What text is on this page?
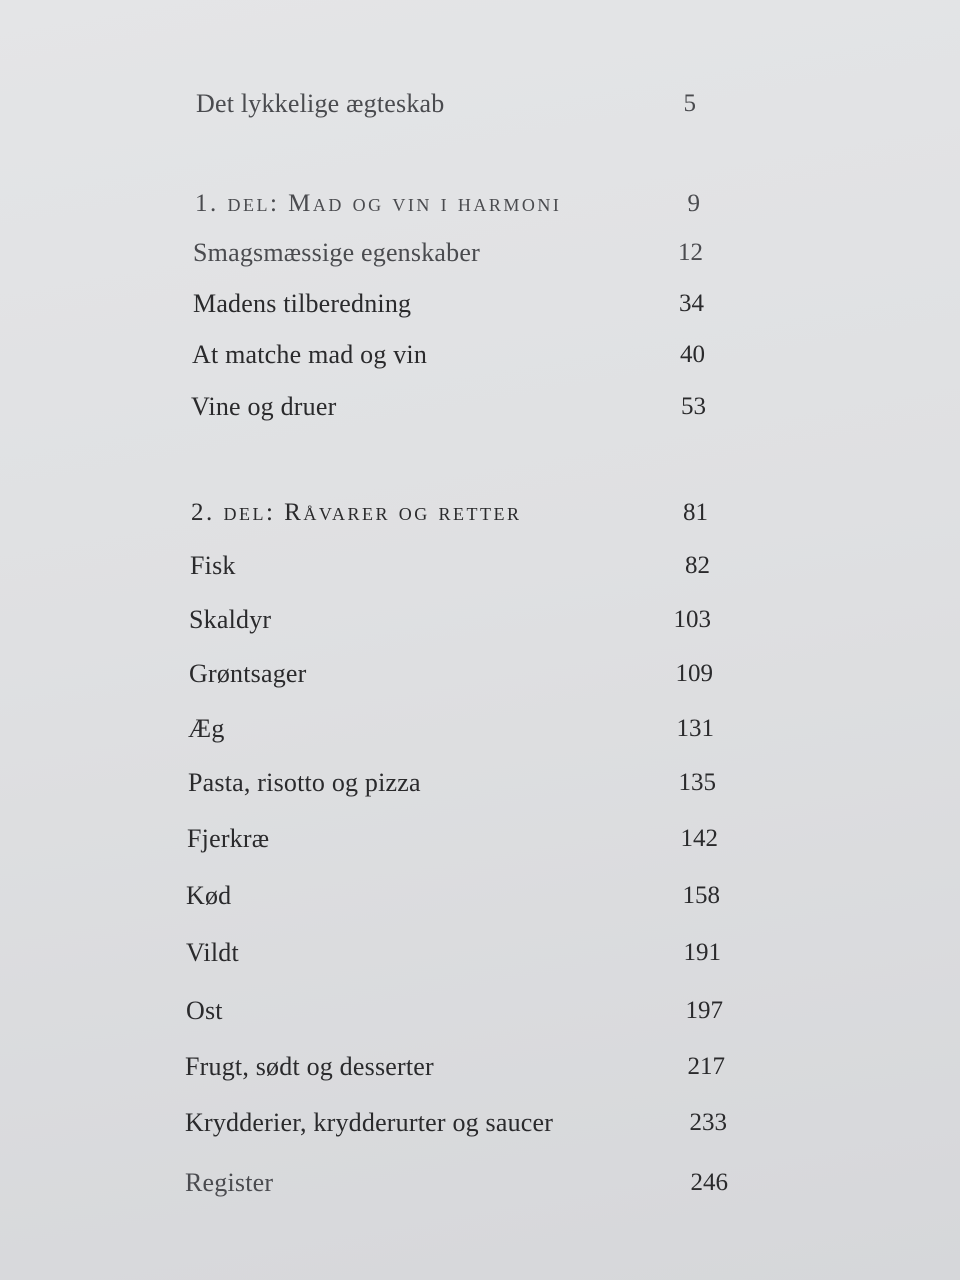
Det lykkelige ægteskab	5
1. del: Mad og vin i harmoni	9
Smagsmæssige egenskaber	12
Madens tilberedning	34
At matche mad og vin	40
Vine og druer	53
2. del: Råvarer og retter	81
Fisk	82
Skaldyr	103
Grøntsager	109
Æg	131
Pasta, risotto og pizza	135
Fjerkræ	142
Kød	158
Vildt	191
Ost	197
Frugt, sødt og desserter	217
Krydderier, krydderurter og saucer	233
Register	246
